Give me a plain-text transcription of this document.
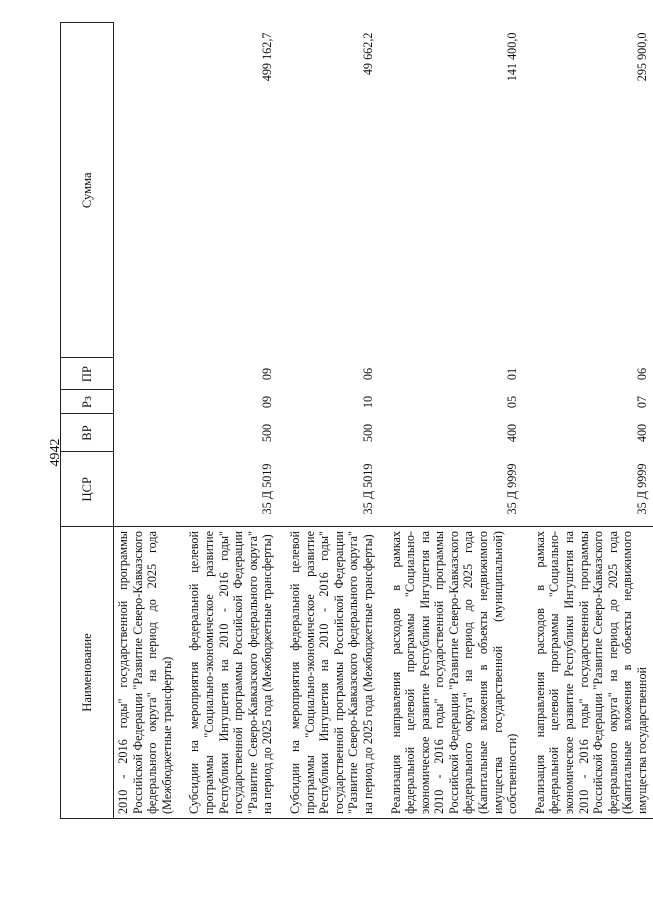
4942
Наименование	ЦСР	ВР	Рз	ПР	Сумма
2010 - 2016 годы" государственной программы Российской Федерации "Развитие Северо-Кавказского федерального округа" на период до 2025 года (Межбюджетные трансферты)					

Субсидии на мероприятия федеральной целевой программы "Социально-экономическое развитие Республики Ингушетия на 2010 - 2016 годы" государственной программы Российской Федерации "Развитие Северо-Кавказского федерального округа" на период до 2025 года (Межбюджетные трансферты)	35 Д 5019	500	09	09	499 162,7

Субсидии на мероприятия федеральной целевой программы "Социально-экономическое развитие Республики Ингушетия на 2010 - 2016 годы" государственной программы Российской Федерации "Развитие Северо-Кавказского федерального округа" на период до 2025 года (Межбюджетные трансферты)	35 Д 5019	500	10	06	49 662,2

Реализация направления расходов в рамках федеральной целевой программы "Социально-экономическое развитие Республики Ингушетия на 2010 - 2016 годы" государственной программы Российской Федерации "Развитие Северо-Кавказского федерального округа" на период до 2025 года (Капитальные вложения в объекты недвижимого имущества государственной (муниципальной) собственности)	35 Д 9999	400	05	01	141 400,0

Реализация направления расходов в рамках федеральной целевой программы "Социально-экономическое развитие Республики Ингушетия на 2010 - 2016 годы" государственной программы Российской Федерации "Развитие Северо-Кавказского федерального округа" на период до 2025 года (Капитальные вложения в объекты недвижимого имущества государственной	35 Д 9999	400	07	06	295 900,0
